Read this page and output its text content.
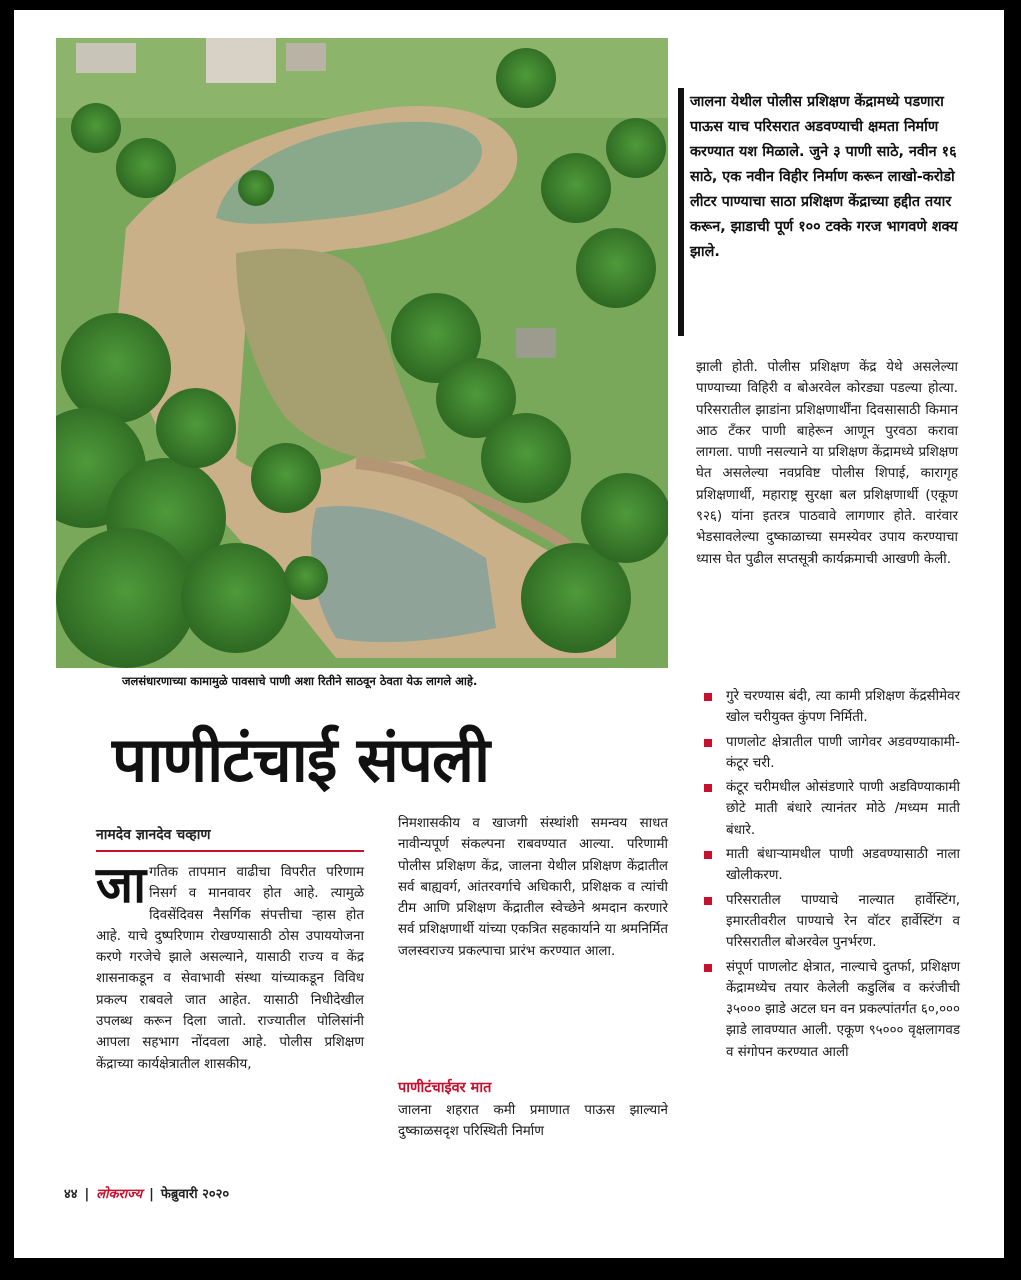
जलसंधारणाच्या कामामुळे पावसाचे पाणी अशा रितीने साठवून ठेवता येऊ लागले आहे.
पाणीटंचाई संपली
नामदेव ज्ञानदेव चव्हाण
जागतिक तापमान वाढीचा विपरीत परिणाम निसर्ग व मानवावर होत आहे. त्यामुळे दिवसेंदिवस नैसर्गिक संपत्तीचा ऱ्हास होत आहे. याचे दुष्परिणाम रोखण्यासाठी ठोस उपाययोजना करणे गरजेचे झाले असल्याने, यासाठी राज्य व केंद्र शासनाकडून व सेवाभावी संस्था यांच्याकडून विविध प्रकल्प राबवले जात आहेत. यासाठी निधीदेखील उपलब्ध करून दिला जातो. राज्यातील पोलिसांनी आपला सहभाग नोंदवला आहे. पोलीस प्रशिक्षण केंद्राच्या कार्यक्षेत्रातील शासकीय,
निमशासकीय व खाजगी संस्थांशी समन्वय साधत नावीन्यपूर्ण संकल्पना राबवण्यात आल्या. परिणामी पोलीस प्रशिक्षण केंद्र, जालना येथील प्रशिक्षण केंद्रातील सर्व बाह्यवर्ग, आंतरवर्गाचे अधिकारी, प्रशिक्षक व त्यांची टीम आणि प्रशिक्षण केंद्रातील स्वेच्छेने श्रमदान करणारे सर्व प्रशिक्षणार्थी यांच्या एकत्रित सहकार्याने या श्रमनिर्मित जलस्वराज्य प्रकल्पाचा प्रारंभ करण्यात आला.
पाणीटंचाईवर मात
जालना शहरात कमी प्रमाणात पाऊस झाल्याने दुष्काळसदृश परिस्थिती निर्माण
जालना येथील पोलीस प्रशिक्षण केंद्रामध्ये पडणारा पाऊस याच परिसरात अडवण्याची क्षमता निर्माण करण्यात यश मिळाले. जुने ३ पाणी साठे, नवीन १६ साठे, एक नवीन विहीर निर्माण करून लाखो-करोडो लीटर पाण्याचा साठा प्रशिक्षण केंद्राच्या हद्दीत तयार करून, झाडाची पूर्ण १०० टक्के गरज भागवणे शक्य झाले.
झाली होती. पोलीस प्रशिक्षण केंद्र येथे असलेल्या पाण्याच्या विहिरी व बोअरवेल कोरड्या पडल्या होत्या. परिसरातील झाडांना प्रशिक्षणार्थींना दिवसासाठी किमान आठ टँकर पाणी बाहेरून आणून पुरवठा करावा लागला. पाणी नसल्याने या प्रशिक्षण केंद्रामध्ये प्रशिक्षण घेत असलेल्या नवप्रविष्ट पोलीस शिपाई, कारागृह प्रशिक्षणार्थी, महाराष्ट्र सुरक्षा बल प्रशिक्षणार्थी (एकूण ९२६) यांना इतरत्र पाठवावे लागणार होते. वारंवार भेडसावलेल्या दुष्काळाच्या समस्येवर उपाय करण्याचा ध्यास घेत पुढील सप्तसूत्री कार्यक्रमाची आखणी केली.
गुरे चरण्यास बंदी, त्या कामी प्रशिक्षण केंद्रसीमेवर खोल चरीयुक्त कुंपण निर्मिती.
पाणलोट क्षेत्रातील पाणी जागेवर अडवण्याकामी- कंटूर चरी.
कंटूर चरीमधील ओसंडणारे पाणी अडविण्याकामी छोटे माती बंधारे त्यानंतर मोठे /मध्यम माती बंधारे.
माती बंधाऱ्यामधील पाणी अडवण्यासाठी नाला खोलीकरण.
परिसरातील पाण्याचे नाल्यात हार्वेस्टिंग, इमारतीवरील पाण्याचे रेन वॉटर हार्वेस्टिंग व परिसरातील बोअरवेल पुनर्भरण.
संपूर्ण पाणलोट क्षेत्रात, नाल्याचे दुतर्फा, प्रशिक्षण केंद्रामध्येच तयार केलेली कडुलिंब व करंजीची ३५००० झाडे अटल घन वन प्रकल्पांतर्गत ६०,००० झाडे लावण्यात आली. एकूण ९५००० वृक्षलागवड व संगोपन करण्यात आली
४४ | लोकराज्य | फेब्रुवारी २०२०
